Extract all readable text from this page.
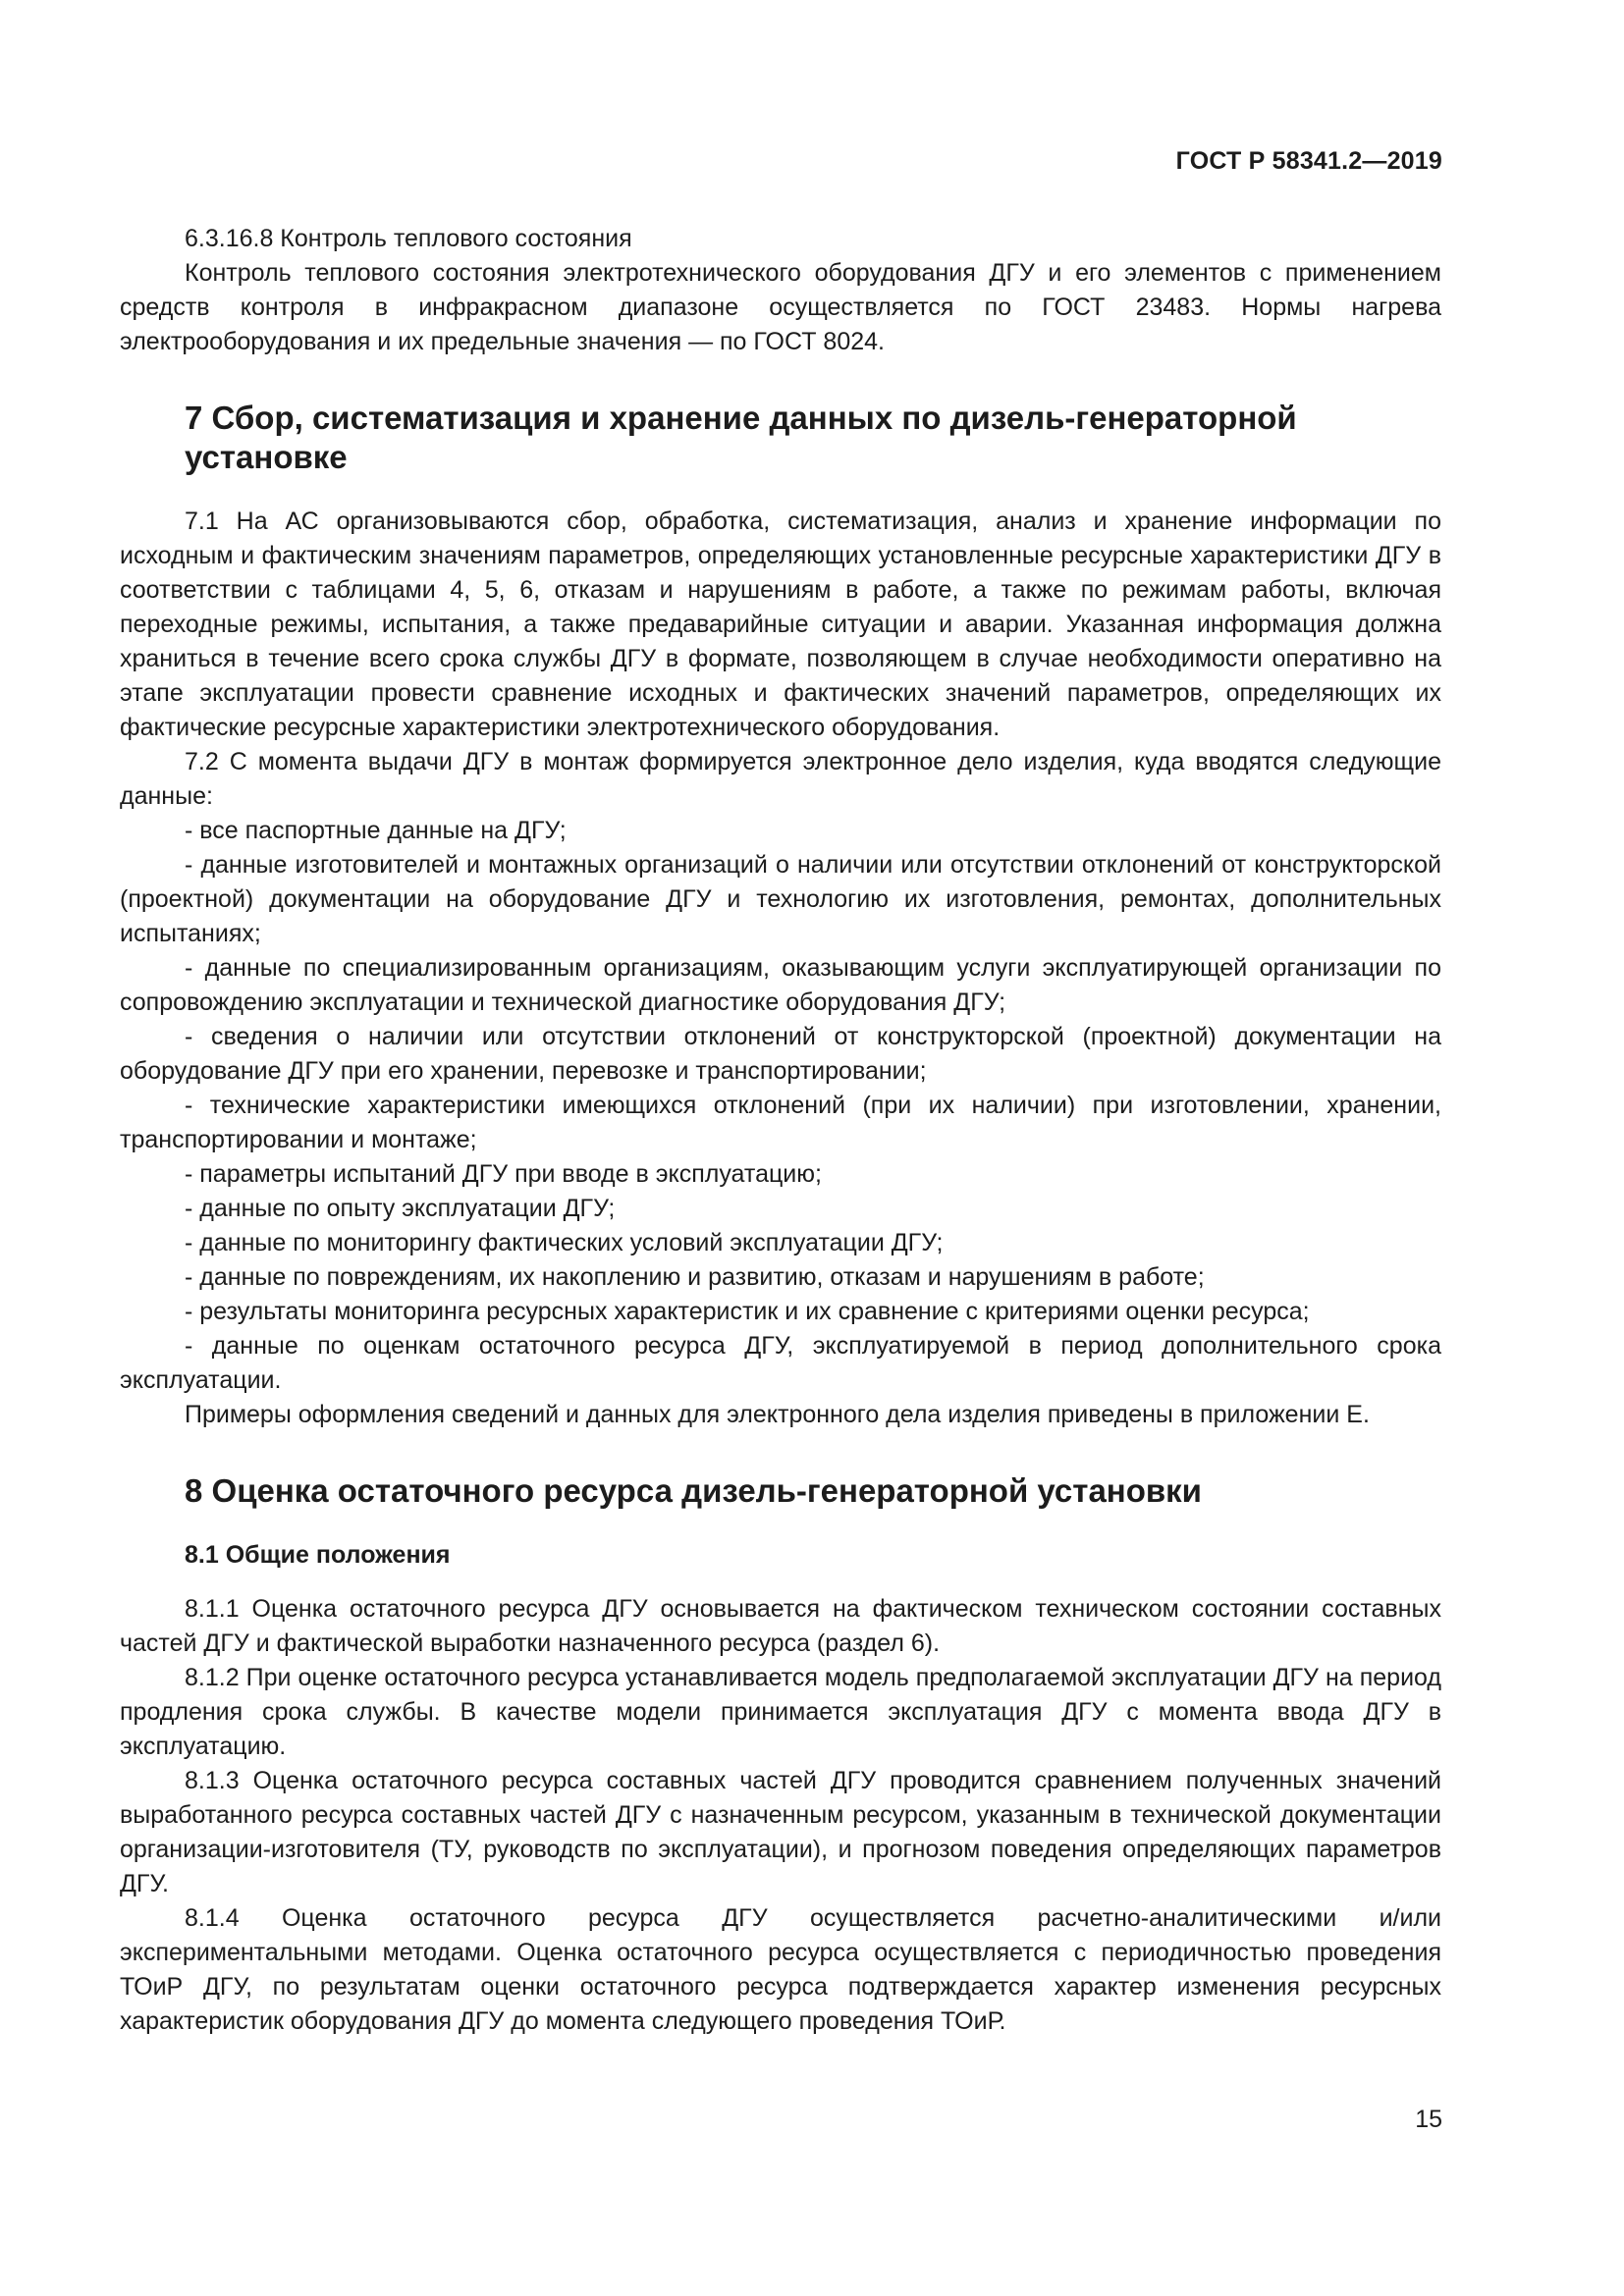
ГОСТ Р 58341.2—2019

6.3.16.8 Контроль теплового состояния

Контроль теплового состояния электротехнического оборудования ДГУ и его элементов с применением средств контроля в инфракрасном диапазоне осуществляется по ГОСТ 23483. Нормы нагрева электрооборудования и их предельные значения — по ГОСТ 8024.

7 Сбор, систематизация и хранение данных по дизель-генераторной установке

7.1 На АС организовываются сбор, обработка, систематизация, анализ и хранение информации по исходным и фактическим значениям параметров, определяющих установленные ресурсные характеристики ДГУ в соответствии с таблицами 4, 5, 6, отказам и нарушениям в работе, а также по режимам работы, включая переходные режимы, испытания, а также предаварийные ситуации и аварии. Указанная информация должна храниться в течение всего срока службы ДГУ в формате, позволяющем в случае необходимости оперативно на этапе эксплуатации провести сравнение исходных и фактических значений параметров, определяющих их фактические ресурсные характеристики электротехнического оборудования.

7.2 С момента выдачи ДГУ в монтаж формируется электронное дело изделия, куда вводятся следующие данные:

- все паспортные данные на ДГУ;

- данные изготовителей и монтажных организаций о наличии или отсутствии отклонений от конструкторской (проектной) документации на оборудование ДГУ и технологию их изготовления, ремонтах, дополнительных испытаниях;

- данные по специализированным организациям, оказывающим услуги эксплуатирующей организации по сопровождению эксплуатации и технической диагностике оборудования ДГУ;

- сведения о наличии или отсутствии отклонений от конструкторской (проектной) документации на оборудование ДГУ при его хранении, перевозке и транспортировании;

- технические характеристики имеющихся отклонений (при их наличии) при изготовлении, хранении, транспортировании и монтаже;

- параметры испытаний ДГУ при вводе в эксплуатацию;

- данные по опыту эксплуатации ДГУ;

- данные по мониторингу фактических условий эксплуатации ДГУ;

- данные по повреждениям, их накоплению и развитию, отказам и нарушениям в работе;

- результаты мониторинга ресурсных характеристик и их сравнение с критериями оценки ресурса;

- данные по оценкам остаточного ресурса ДГУ, эксплуатируемой в период дополнительного срока эксплуатации.

Примеры оформления сведений и данных для электронного дела изделия приведены в приложении Е.

8 Оценка остаточного ресурса дизель-генераторной установки
8.1 Общие положения

8.1.1 Оценка остаточного ресурса ДГУ основывается на фактическом техническом состоянии составных частей ДГУ и фактической выработки назначенного ресурса (раздел 6).

8.1.2 При оценке остаточного ресурса устанавливается модель предполагаемой эксплуатации ДГУ на период продления срока службы. В качестве модели принимается эксплуатация ДГУ с момента ввода ДГУ в эксплуатацию.

8.1.3 Оценка остаточного ресурса составных частей ДГУ проводится сравнением полученных значений выработанного ресурса составных частей ДГУ с назначенным ресурсом, указанным в технической документации организации-изготовителя (ТУ, руководств по эксплуатации), и прогнозом поведения определяющих параметров ДГУ.

8.1.4 Оценка остаточного ресурса ДГУ осуществляется расчетно-аналитическими и/или экспериментальными методами. Оценка остаточного ресурса осуществляется с периодичностью проведения ТОиР ДГУ, по результатам оценки остаточного ресурса подтверждается характер изменения ресурсных характеристик оборудования ДГУ до момента следующего проведения ТОиР.

15
